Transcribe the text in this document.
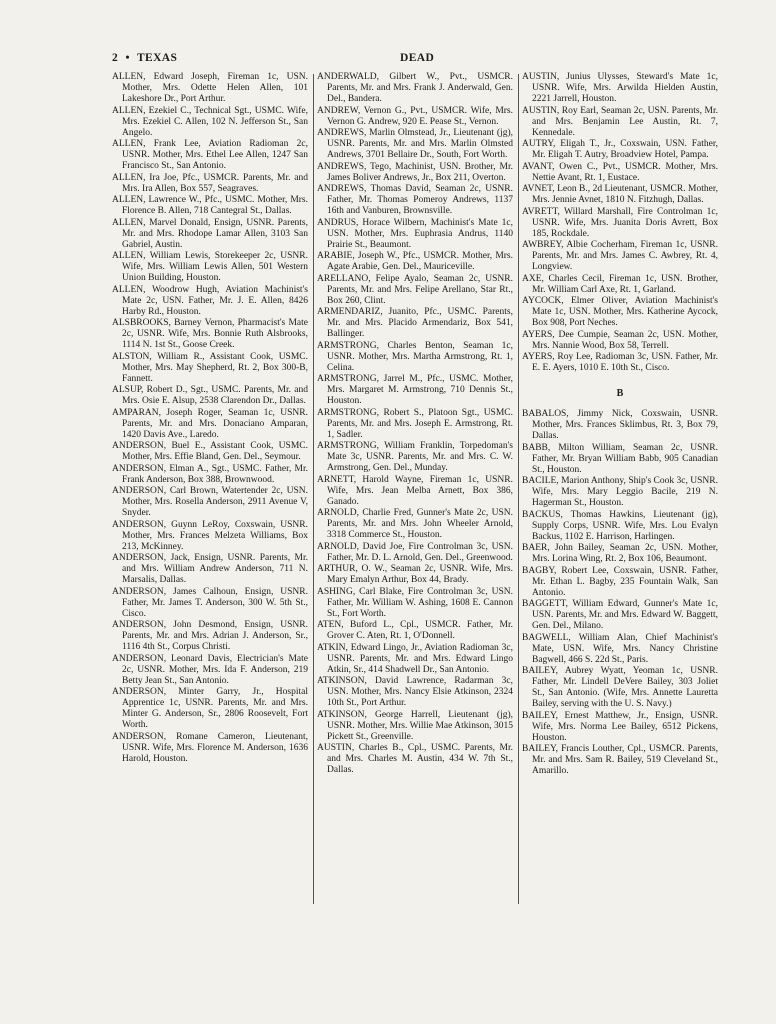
2 • TEXAS	DEAD
ALLEN, Edward Joseph, Fireman 1c, USN. Mother, Mrs. Odette Helen Allen, 101 Lakeshore Dr., Port Arthur.
ALLEN, Ezekiel C., Technical Sgt., USMC. Wife, Mrs. Ezekiel C. Allen, 102 N. Jefferson St., San Angelo.
ALLEN, Frank Lee, Aviation Radioman 2c, USNR. Mother, Mrs. Ethel Lee Allen, 1247 San Francisco St., San Antonio.
ALLEN, Ira Joe, Pfc., USMCR. Parents, Mr. and Mrs. Ira Allen, Box 557, Seagraves.
ALLEN, Lawrence W., Pfc., USMC. Mother, Mrs. Florence B. Allen, 718 Cantegral St., Dallas.
ALLEN, Marvel Donald, Ensign, USNR. Parents, Mr. and Mrs. Rhodope Lamar Allen, 3103 San Gabriel, Austin.
ALLEN, William Lewis, Storekeeper 2c, USNR. Wife, Mrs. William Lewis Allen, 501 Western Union Building, Houston.
ALLEN, Woodrow Hugh, Aviation Machinist's Mate 2c, USN. Father, Mr. J. E. Allen, 8426 Harby Rd., Houston.
ALSBROOKS, Barney Vernon, Pharmacist's Mate 2c, USNR. Wife, Mrs. Bonnie Ruth Alsbrooks, 1114 N. 1st St., Goose Creek.
ALSTON, William R., Assistant Cook, USMC. Mother, Mrs. May Shepherd, Rt. 2, Box 300-B, Fannett.
ALSUP, Robert D., Sgt., USMC. Parents, Mr. and Mrs. Osie E. Alsup, 2538 Clarendon Dr., Dallas.
AMPARAN, Joseph Roger, Seaman 1c, USNR. Parents, Mr. and Mrs. Donaciano Amparan, 1420 Davis Ave., Laredo.
ANDERSON, Buel E., Assistant Cook, USMC. Mother, Mrs. Effie Bland, Gen. Del., Seymour.
ANDERSON, Elman A., Sgt., USMC. Father, Mr. Frank Anderson, Box 388, Brownwood.
ANDERSON, Carl Brown, Watertender 2c, USN. Mother, Mrs. Rosella Anderson, 2911 Avenue V, Snyder.
ANDERSON, Guynn LeRoy, Coxswain, USNR. Mother, Mrs. Frances Melzeta Williams, Box 213, McKinney.
ANDERSON, Jack, Ensign, USNR. Parents, Mr. and Mrs. William Andrew Anderson, 711 N. Marsalis, Dallas.
ANDERSON, James Calhoun, Ensign, USNR. Father, Mr. James T. Anderson, 300 W. 5th St., Cisco.
ANDERSON, John Desmond, Ensign, USNR. Parents, Mr. and Mrs. Adrian J. Anderson, Sr., 1116 4th St., Corpus Christi.
ANDERSON, Leonard Davis, Electrician's Mate 2c, USNR. Mother, Mrs. Ida F. Anderson, 219 Betty Jean St., San Antonio.
ANDERSON, Minter Garry, Jr., Hospital Apprentice 1c, USNR. Parents, Mr. and Mrs. Minter G. Anderson, Sr., 2806 Roosevelt, Fort Worth.
ANDERSON, Romane Cameron, Lieutenant, USNR. Wife, Mrs. Florence M. Anderson, 1636 Harold, Houston.
ANDERWALD, Gilbert W., Pvt., USMCR. Parents, Mr. and Mrs. Frank J. Anderwald, Gen. Del., Bandera.
ANDREW, Vernon G., Pvt., USMCR. Wife, Mrs. Vernon G. Andrew, 920 E. Pease St., Vernon.
ANDREWS, Marlin Olmstead, Jr., Lieutenant (jg), USNR. Parents, Mr. and Mrs. Marlin Olmsted Andrews, 3701 Bellaire Dr., South, Fort Worth.
ANDREWS, Tego, Machinist, USN. Brother, Mr. James Boliver Andrews, Jr., Box 211, Overton.
ANDREWS, Thomas David, Seaman 2c, USNR. Father, Mr. Thomas Pomeroy Andrews, 1137 16th and Vanburen, Brownsville.
ANDRUS, Horace Wilbern, Machinist's Mate 1c, USN. Mother, Mrs. Euphrasia Andrus, 1140 Prairie St., Beaumont.
ARABIE, Joseph W., Pfc., USMCR. Mother, Mrs. Agate Arabie, Gen. Del., Mauriceville.
ARELLANO, Felipe Ayalo, Seaman 2c, USNR. Parents, Mr. and Mrs. Felipe Arellano, Star Rt., Box 260, Clint.
ARMENDARIZ, Juanito, Pfc., USMC. Parents, Mr. and Mrs. Placido Armendariz, Box 541, Ballinger.
ARMSTRONG, Charles Benton, Seaman 1c, USNR. Mother, Mrs. Martha Armstrong, Rt. 1, Celina.
ARMSTRONG, Jarrel M., Pfc., USMC. Mother, Mrs. Margaret M. Armstrong, 710 Dennis St., Houston.
ARMSTRONG, Robert S., Platoon Sgt., USMC. Parents, Mr. and Mrs. Joseph E. Armstrong, Rt. 1, Sadler.
ARMSTRONG, William Franklin, Torpedoman's Mate 3c, USNR. Parents, Mr. and Mrs. C. W. Armstrong, Gen. Del., Munday.
ARNETT, Harold Wayne, Fireman 1c, USNR. Wife, Mrs. Jean Melba Arnett, Box 386, Ganado.
ARNOLD, Charlie Fred, Gunner's Mate 2c, USN. Parents, Mr. and Mrs. John Wheeler Arnold, 3318 Commerce St., Houston.
ARNOLD, David Joe, Fire Controlman 3c, USN. Father, Mr. D. L. Arnold, Gen. Del., Greenwood.
ARTHUR, O. W., Seaman 2c, USNR. Wife, Mrs. Mary Emalyn Arthur, Box 44, Brady.
ASHING, Carl Blake, Fire Controlman 3c, USN. Father, Mr. William W. Ashing, 1608 E. Cannon St., Fort Worth.
ATEN, Buford L., Cpl., USMCR. Father, Mr. Grover C. Aten, Rt. 1, O'Donnell.
ATKIN, Edward Lingo, Jr., Aviation Radioman 3c, USNR. Parents, Mr. and Mrs. Edward Lingo Atkin, Sr., 414 Shadwell Dr., San Antonio.
ATKINSON, David Lawrence, Radarman 3c, USN. Mother, Mrs. Nancy Elsie Atkinson, 2324 10th St., Port Arthur.
ATKINSON, George Harrell, Lieutenant (jg), USNR. Mother, Mrs. Willie Mae Atkinson, 3015 Pickett St., Greenville.
AUSTIN, Charles B., Cpl., USMC. Parents, Mr. and Mrs. Charles M. Austin, 434 W. 7th St., Dallas.
AUSTIN, Junius Ulysses, Steward's Mate 1c, USNR. Wife, Mrs. Arwilda Hielden Austin, 2221 Jarrell, Houston.
AUSTIN, Roy Earl, Seaman 2c, USN. Parents, Mr. and Mrs. Benjamin Lee Austin, Rt. 7, Kennedale.
AUTRY, Eligah T., Jr., Coxswain, USN. Father, Mr. Eligah T. Autry, Broadview Hotel, Pampa.
AVANT, Owen C., Pvt., USMCR. Mother, Mrs. Nettie Avant, Rt. 1, Eustace.
AVNET, Leon B., 2d Lieutenant, USMCR. Mother, Mrs. Jennie Avnet, 1810 N. Fitzhugh, Dallas.
AVRETT, Willard Marshall, Fire Controlman 1c, USNR. Wife, Mrs. Juanita Doris Avrett, Box 185, Rockdale.
AWBREY, Albie Cocherham, Fireman 1c, USNR. Parents, Mr. and Mrs. James C. Awbrey, Rt. 4, Longview.
AXE, Charles Cecil, Fireman 1c, USN. Brother, Mr. William Carl Axe, Rt. 1, Garland.
AYCOCK, Elmer Oliver, Aviation Machinist's Mate 1c, USN. Mother, Mrs. Katherine Aycock, Box 908, Port Neches.
AYERS, Dee Cumpie, Seaman 2c, USN. Mother, Mrs. Nannie Wood, Box 58, Terrell.
AYERS, Roy Lee, Radioman 3c, USN. Father, Mr. E. E. Ayers, 1010 E. 10th St., Cisco.
B
BABALOS, Jimmy Nick, Coxswain, USNR. Mother, Mrs. Frances Sklimbus, Rt. 3, Box 79, Dallas.
BABB, Milton William, Seaman 2c, USNR. Father, Mr. Bryan William Babb, 905 Canadian St., Houston.
BACILE, Marion Anthony, Ship's Cook 3c, USNR. Wife, Mrs. Mary Leggio Bacile, 219 N. Hagerman St., Houston.
BACKUS, Thomas Hawkins, Lieutenant (jg), Supply Corps, USNR. Wife, Mrs. Lou Evalyn Backus, 1102 E. Harrison, Harlingen.
BAER, John Bailey, Seaman 2c, USN. Mother, Mrs. Lorina Wing, Rt. 2, Box 106, Beaumont.
BAGBY, Robert Lee, Coxswain, USNR. Father, Mr. Ethan L. Bagby, 235 Fountain Walk, San Antonio.
BAGGETT, William Edward, Gunner's Mate 1c, USN. Parents, Mr. and Mrs. Edward W. Baggett, Gen. Del., Milano.
BAGWELL, William Alan, Chief Machinist's Mate, USN. Wife, Mrs. Nancy Christine Bagwell, 466 S. 22d St., Paris.
BAILEY, Aubrey Wyatt, Yeoman 1c, USNR. Father, Mr. Lindell DeVere Bailey, 303 Joliet St., San Antonio. (Wife, Mrs. Annette Lauretta Bailey, serving with the U. S. Navy.)
BAILEY, Ernest Matthew, Jr., Ensign, USNR. Wife, Mrs. Norma Lee Bailey, 6512 Pickens, Houston.
BAILEY, Francis Louther, Cpl., USMCR. Parents, Mr. and Mrs. Sam R. Bailey, 519 Cleveland St., Amarillo.
